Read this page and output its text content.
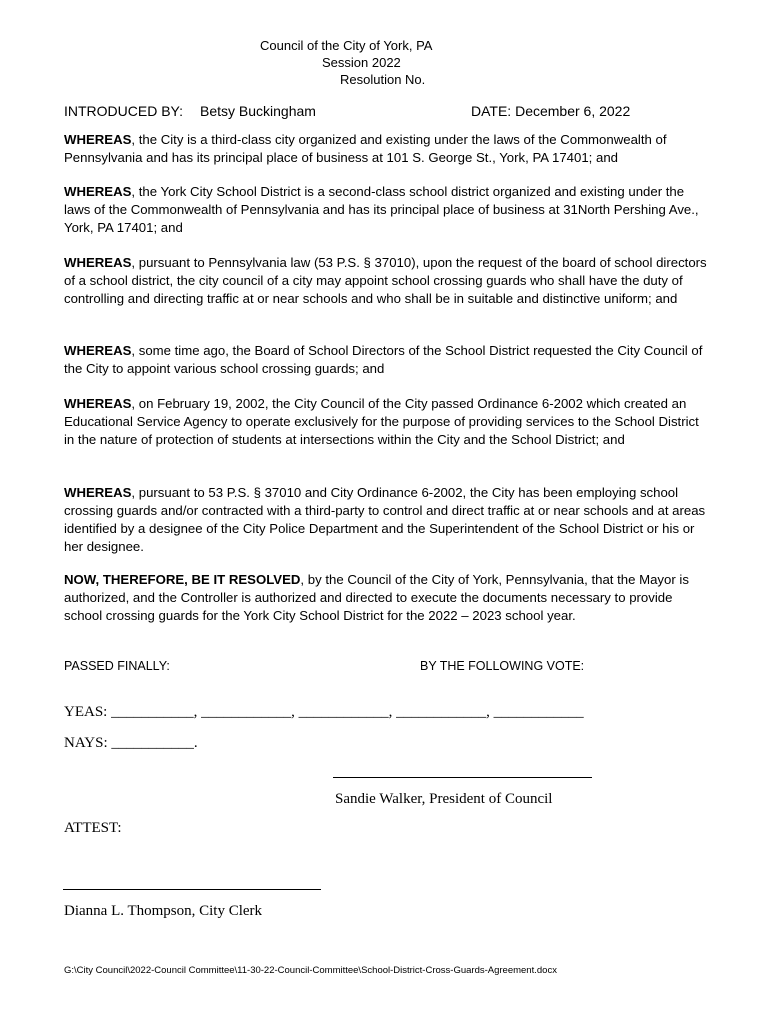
Council of the City of York, PA
Session 2022
Resolution No.
INTRODUCED BY: Betsy Buckingham	DATE: December 6, 2022

WHEREAS, the City is a third-class city organized and existing under the laws of the Commonwealth of Pennsylvania and has its principal place of business at 101 S. George St., York, PA 17401; and

WHEREAS, the York City School District is a second-class school district organized and existing under the laws of the Commonwealth of Pennsylvania and has its principal place of business at 31North Pershing Ave., York, PA 17401; and

WHEREAS, pursuant to Pennsylvania law (53 P.S. § 37010), upon the request of the board of school directors of a school district, the city council of a city may appoint school crossing guards who shall have the duty of controlling and directing traffic at or near schools and who shall be in suitable and distinctive uniform; and

WHEREAS, some time ago, the Board of School Directors of the School District requested the City Council of the City to appoint various school crossing guards; and

WHEREAS, on February 19, 2002, the City Council of the City passed Ordinance 6-2002 which created an Educational Service Agency to operate exclusively for the purpose of providing services to the School District in the nature of protection of students at intersections within the City and the School District; and

WHEREAS, pursuant to 53 P.S. § 37010 and City Ordinance 6-2002, the City has been employing school crossing guards and/or contracted with a third-party to control and direct traffic at or near schools and at areas identified by a designee of the City Police Department and the Superintendent of the School District or his or her designee.

NOW, THEREFORE, BE IT RESOLVED, by the Council of the City of York, Pennsylvania, that the Mayor is authorized, and the Controller is authorized and directed to execute the documents necessary to provide school crossing guards for the York City School District for the 2022 – 2023 school year.

PASSED FINALLY:	BY THE FOLLOWING VOTE:
YEAS: ___________, ____________, ____________, ____________, ____________
NAYS: ___________.
Sandie Walker, President of Council
ATTEST:
Dianna L. Thompson, City Clerk
G:\City Council\2022-Council Committee\11-30-22-Council-Committee\School-District-Cross-Guards-Agreement.docx
